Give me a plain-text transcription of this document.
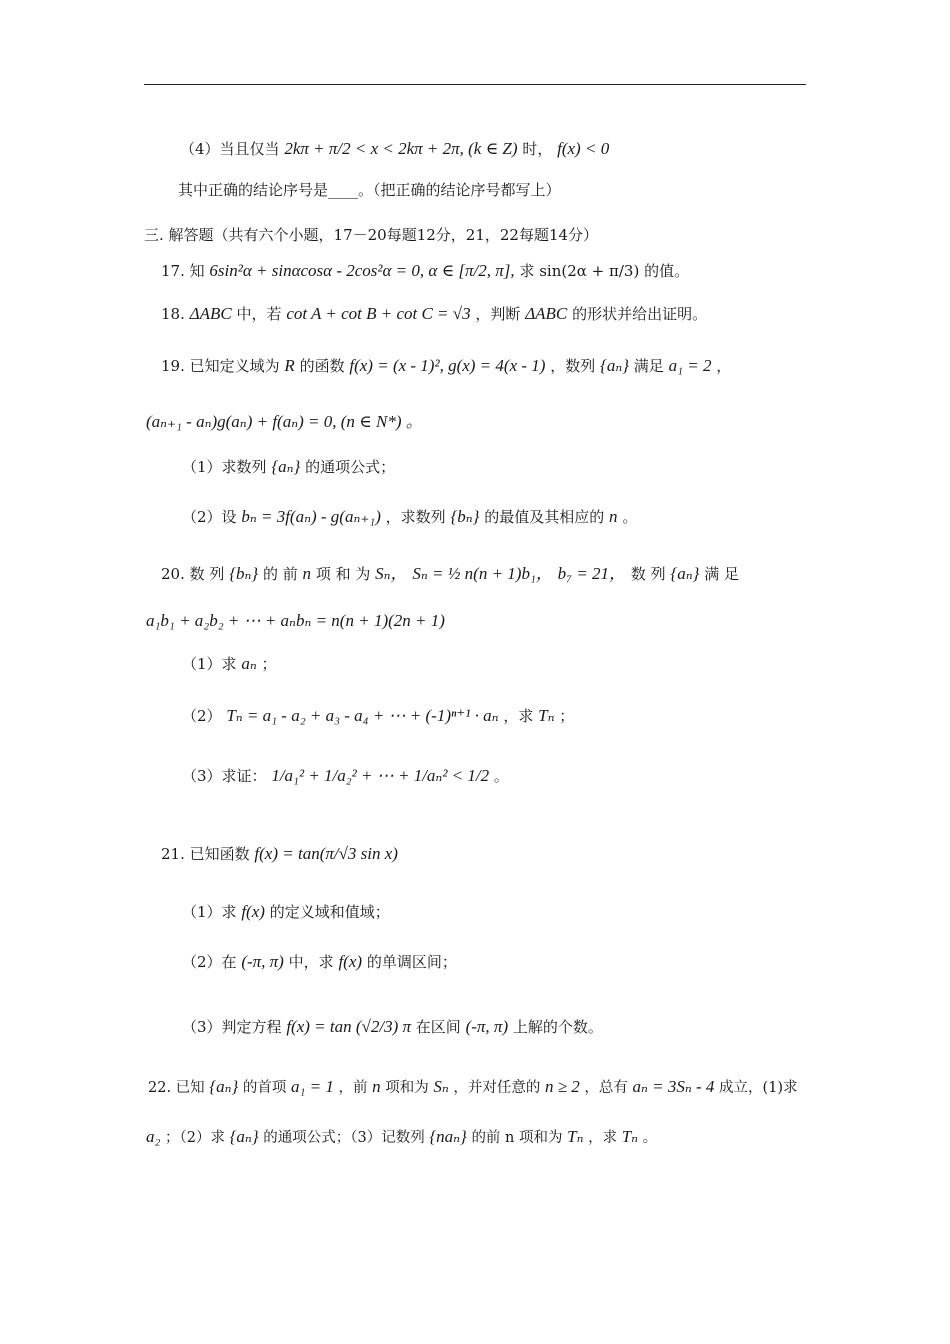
（4）当且仅当 2kπ + π/2 < x < 2kπ + 2π, (k ∈ Z) 时， f(x) < 0
其中正确的结论序号是____。（把正确的结论序号都写上）
三. 解答题（共有六个小题，17－20每题12分，21，22每题14分）
17. 知 6sin²α + sinαcosα - 2cos²α = 0, α ∈ [π/2, π], 求 sin(2α + π/3) 的值。
18. ΔABC 中，若 cot A + cot B + cot C = √3 ，判断 ΔABC 的形状并给出证明。
19. 已知定义域为 R 的函数 f(x) = (x - 1)², g(x) = 4(x - 1) ，数列 {aₙ} 满足 a₁ = 2 ，
(aₙ₊₁ - aₙ)g(aₙ) + f(aₙ) = 0, (n ∈ N*) 。
（1）求数列 {aₙ} 的通项公式；
（2）设 bₙ = 3f(aₙ) - g(aₙ₊₁) ，求数列 {bₙ} 的最值及其相应的 n 。
20. 数 列 {bₙ} 的 前 n 项 和 为 Sₙ， Sₙ = ½ n(n + 1)b₁， b₇ = 21， 数 列 {aₙ} 满 足
a₁b₁ + a₂b₂ + ⋯ + aₙbₙ = n(n + 1)(2n + 1)
（1）求 aₙ ；
（2） Tₙ = a₁ - a₂ + a₃ - a₄ + ⋯ + (-1)ⁿ⁺¹ · aₙ ，求 Tₙ ；
（3）求证： 1/a₁² + 1/a₂² + ⋯ + 1/aₙ² < 1/2 。
21. 已知函数 f(x) = tan(π/√3 sin x)
（1）求 f(x) 的定义域和值域；
（2）在 (-π, π) 中，求 f(x) 的单调区间；
（3）判定方程 f(x) = tan (√2/3) π 在区间 (-π, π) 上解的个数。
22. 已知 {aₙ} 的首项 a₁ = 1 ，前 n 项和为 Sₙ ，并对任意的 n ≥ 2 ，总有 aₙ = 3Sₙ - 4 成立，(1)求
a₂ ；（2）求 {aₙ} 的通项公式；（3）记数列 {naₙ} 的前 n 项和为 Tₙ ，求 Tₙ 。
